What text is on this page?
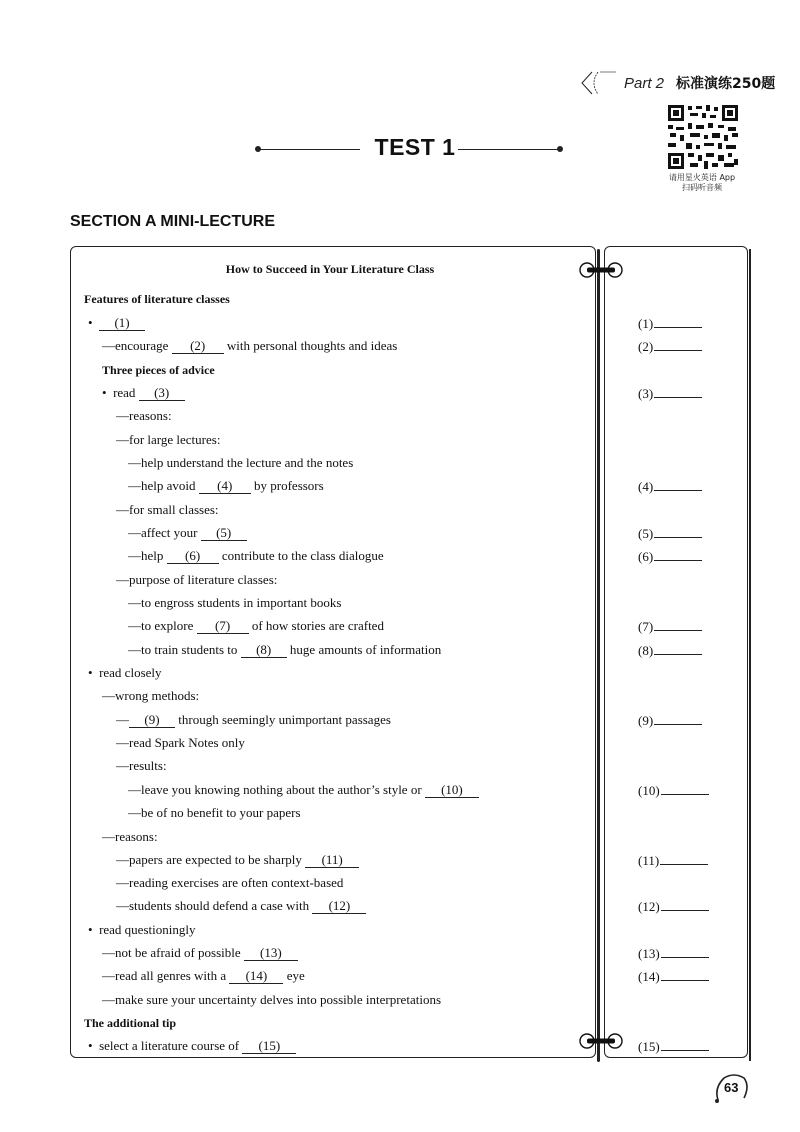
Part 2 标准演练250题
请用星火英语 App
扫码听音频
TEST 1
SECTION A MINI-LECTURE
How to Succeed in Your Literature Class
Features of literature classes
•  (1)
—encourage (2) with personal thoughts and ideas
Three pieces of advice
•  read (3)
—reasons:
—for large lectures:
—help understand the lecture and the notes
—help avoid (4) by professors
—for small classes:
—affect your (5)
—help (6) contribute to the class dialogue
—purpose of literature classes:
—to engross students in important books
—to explore (7) of how stories are crafted
—to train students to (8) huge amounts of information
•  read closely
—wrong methods:
— (9) through seemingly unimportant passages
—read Spark Notes only
—results:
—leave you knowing nothing about the author’s style or (10)
—be of no benefit to your papers
—reasons:
—papers are expected to be sharply (11)
—reading exercises are often context-based
—students should defend a case with (12)
•  read questioningly
—not be afraid of possible (13)
—read all genres with a (14) eye
—make sure your uncertainty delves into possible interpretations
The additional tip
•  select a literature course of (15)
(1)
(2)
(3)
(4)
(5)
(6)
(7)
(8)
(9)
(10)
(11)
(12)
(13)
(14)
(15)
63
